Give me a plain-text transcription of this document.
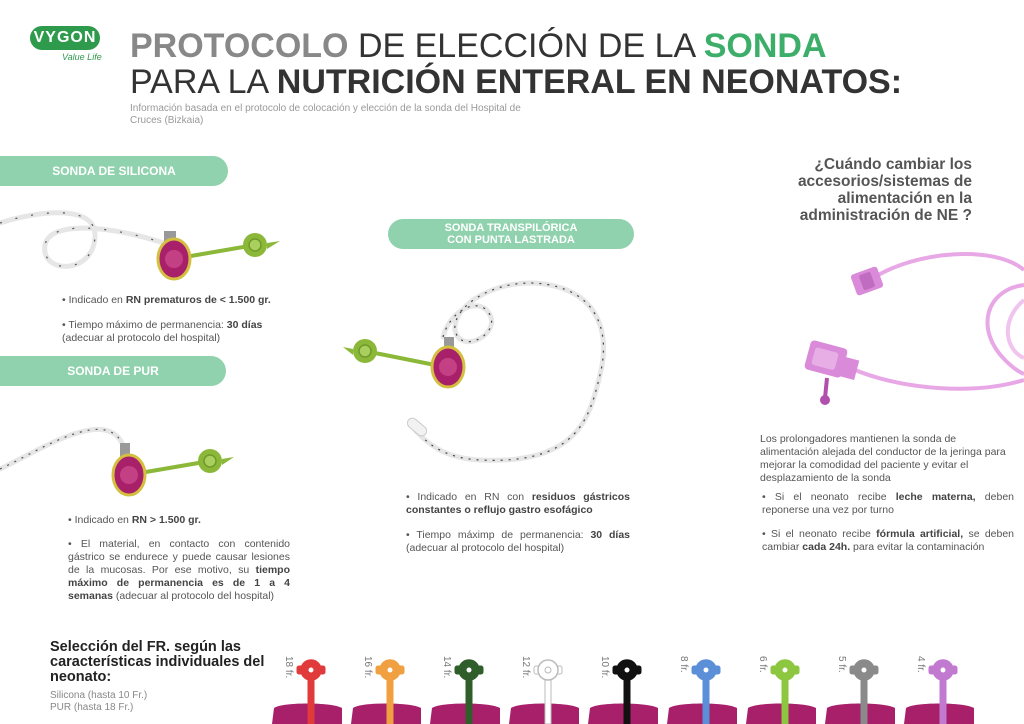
VYGON
Value Life PROTOCOLO DE ELECCIÓN DE LA SONDA
PARA LA NUTRICIÓN ENTERAL EN NEONATOS:
Información basada en el protocolo de colocación y elección de la sonda del Hospital de Cruces (Bizkaia)
SONDA DE SILICONA
• Indicado en RN prematuros de < 1.500 gr.
• Tiempo máximo de permanencia: 30 días
(adecuar al protocolo del hospital)
SONDA DE PUR
• Indicado en RN > 1.500 gr.
• El material, en contacto con contenido gástrico se endurece y puede causar lesiones de la mucosas. Por ese motivo, su tiempo máximo de permanencia es de 1 a 4 semanas (adecuar al protocolo del hospital)
SONDA TRANSPILÓRICA
CON PUNTA LASTRADA
• Indicado en RN con residuos gástricos constantes o reflujo gastro esofágico
• Tiempo máximp de permanencia: 30 días (adecuar al protocolo del hospital)
¿Cuándo cambiar los accesorios/sistemas de alimentación en la administración de NE ?
Los prolongadores mantienen la sonda de alimentación alejada del conductor de la jeringa para mejorar la comodidad del paciente y evitar el desplazamiento de la sonda
• Si el neonato recibe leche materna, deben reponerse una vez por turno
• Si el neonato recibe fórmula artificial, se deben cambiar cada 24h. para evitar la contaminación
Selección del FR. según las características individuales del neonato:
Silicona (hasta 10 Fr.)
PUR (hasta 18 Fr.)
18 fr.	16 fr.	14 fr.	12 fr.	10 fr.	8 fr.	6 fr.	5 fr.	4 fr.
